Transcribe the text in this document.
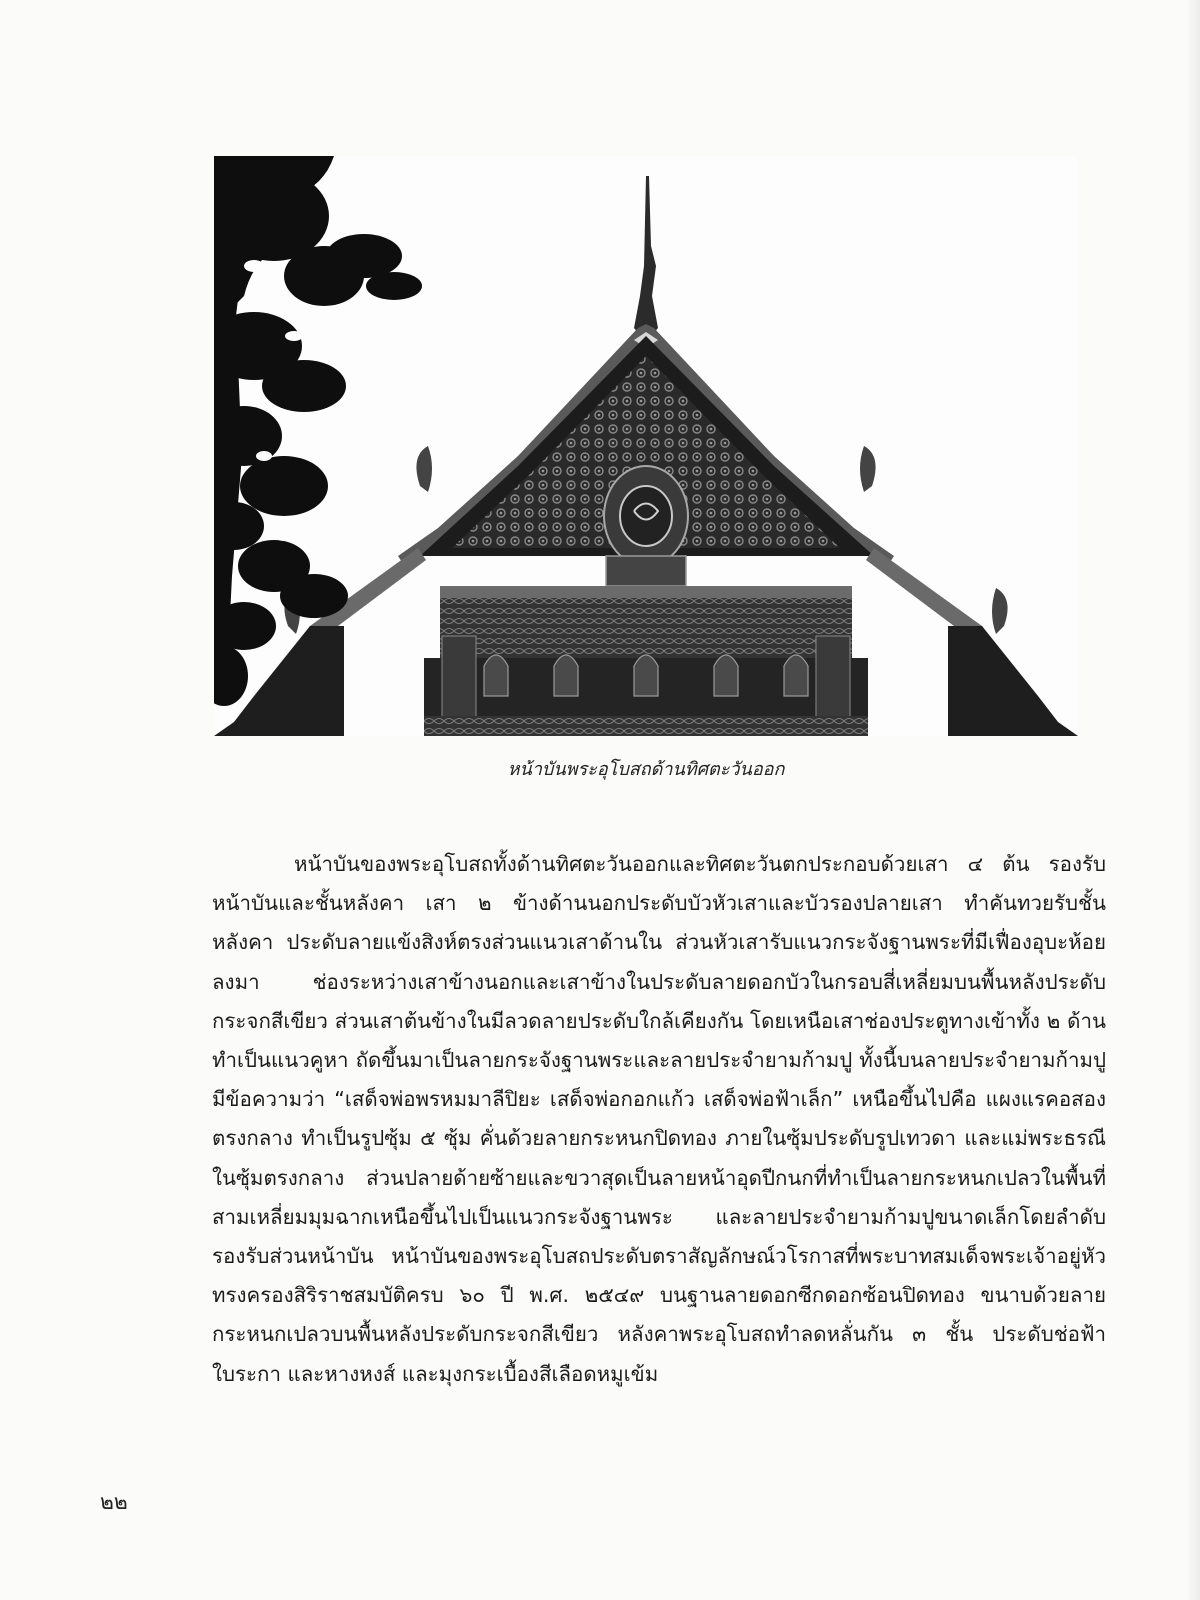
หน้าบันพระอุโบสถด้านทิศตะวันออก

หน้าบันของพระอุโบสถทั้งด้านทิศตะวันออกและทิศตะวันตกประกอบด้วยเสา ๔ ต้น รองรับหน้าบันและชั้นหลังคา เสา ๒ ข้างด้านนอกประดับบัวหัวเสาและบัวรองปลายเสา ทำคันทวยรับชั้นหลังคา ประดับลายแข้งสิงห์ตรงส่วนแนวเสาด้านใน ส่วนหัวเสารับแนวกระจังฐานพระที่มีเฟื่องอุบะห้อยลงมา ช่องระหว่างเสาข้างนอกและเสาข้างในประดับลายดอกบัวในกรอบสี่เหลี่ยมบนพื้นหลังประดับกระจกสีเขียว ส่วนเสาต้นข้างในมีลวดลายประดับใกล้เคียงกัน โดยเหนือเสาช่องประตูทางเข้าทั้ง ๒ ด้านทำเป็นแนวคูหา ถัดขึ้นมาเป็นลายกระจังฐานพระและลายประจำยามก้ามปู ทั้งนี้บนลายประจำยามก้ามปูมีข้อความว่า “เสด็จพ่อพรหมมาลีปิยะ เสด็จพ่อกอกแก้ว เสด็จพ่อฟ้าเล็ก” เหนือขึ้นไปคือ แผงแรคอสองตรงกลาง ทำเป็นรูปซุ้ม ๕ ซุ้ม คั่นด้วยลายกระหนกปิดทอง ภายในซุ้มประดับรูปเทวดา และแม่พระธรณีในซุ้มตรงกลาง ส่วนปลายด้ายซ้ายและขวาสุดเป็นลายหน้าอุดปีกนกที่ทำเป็นลายกระหนกเปลวในพื้นที่สามเหลี่ยมมุมฉากเหนือขึ้นไปเป็นแนวกระจังฐานพระ และลายประจำยามก้ามปูขนาดเล็กโดยลำดับรองรับส่วนหน้าบัน หน้าบันของพระอุโบสถประดับตราสัญลักษณ์วโรกาสที่พระบาทสมเด็จพระเจ้าอยู่หัวทรงครองสิริราชสมบัติครบ ๖๐ ปี พ.ศ. ๒๕๔๙ บนฐานลายดอกซีกดอกซ้อนปิดทอง ขนาบด้วยลายกระหนกเปลวบนพื้นหลังประดับกระจกสีเขียว หลังคาพระอุโบสถทำลดหลั่นกัน ๓ ชั้น ประดับช่อฟ้า ใบระกา และหางหงส์ และมุงกระเบื้องสีเลือดหมูเข้ม

๒๒
